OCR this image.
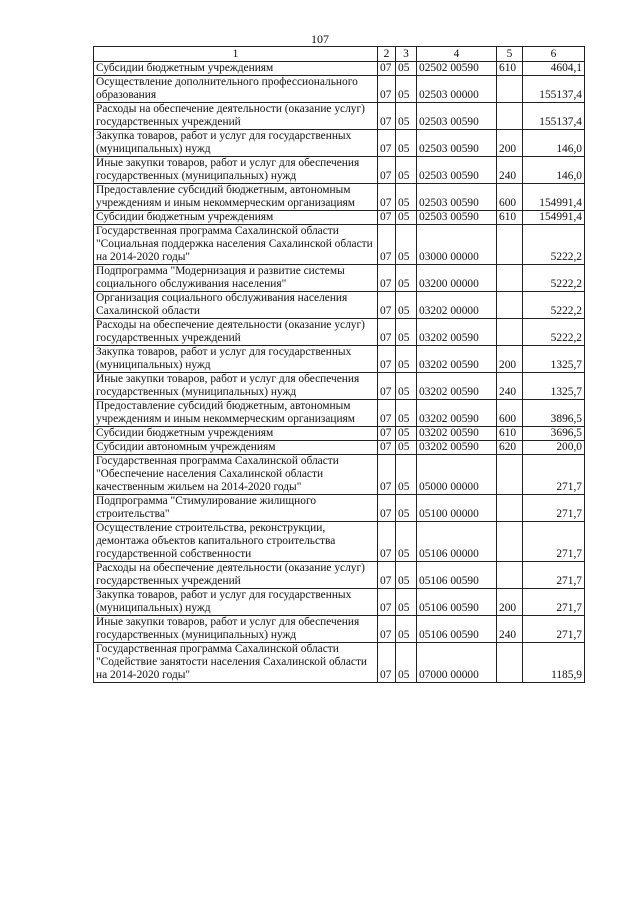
107
1	2	3	4	5	6
Субсидии бюджетным учреждениям	07	05	02502 00590	610	4604,1
Осуществление дополнительного профессионального образования	07	05	02503 00000		155137,4
Расходы на обеспечение деятельности (оказание услуг) государственных учреждений	07	05	02503 00590		155137,4
Закупка товаров, работ и услуг для государственных (муниципальных) нужд	07	05	02503 00590	200	146,0
Иные закупки товаров, работ и услуг для обеспечения государственных (муниципальных) нужд	07	05	02503 00590	240	146,0
Предоставление субсидий бюджетным, автономным учреждениям и иным некоммерческим организациям	07	05	02503 00590	600	154991,4
Субсидии бюджетным учреждениям	07	05	02503 00590	610	154991,4
Государственная программа Сахалинской области "Социальная поддержка населения Сахалинской области на 2014-2020 годы"	07	05	03000 00000		5222,2
Подпрограмма "Модернизация и развитие системы социального обслуживания населения"	07	05	03200 00000		5222,2
Организация социального обслуживания населения Сахалинской области	07	05	03202 00000		5222,2
Расходы на обеспечение деятельности (оказание услуг) государственных учреждений	07	05	03202 00590		5222,2
Закупка товаров, работ и услуг для государственных (муниципальных) нужд	07	05	03202 00590	200	1325,7
Иные закупки товаров, работ и услуг для обеспечения государственных (муниципальных) нужд	07	05	03202 00590	240	1325,7
Предоставление субсидий бюджетным, автономным учреждениям и иным некоммерческим организациям	07	05	03202 00590	600	3896,5
Субсидии бюджетным учреждениям	07	05	03202 00590	610	3696,5
Субсидии автономным учреждениям	07	05	03202 00590	620	200,0
Государственная программа Сахалинской области "Обеспечение населения Сахалинской области качественным жильем на 2014-2020 годы"	07	05	05000 00000		271,7
Подпрограмма "Стимулирование жилищного строительства"	07	05	05100 00000		271,7
Осуществление строительства, реконструкции, демонтажа объектов капитального строительства государственной собственности	07	05	05106 00000		271,7
Расходы на обеспечение деятельности (оказание услуг) государственных учреждений	07	05	05106 00590		271,7
Закупка товаров, работ и услуг для государственных (муниципальных) нужд	07	05	05106 00590	200	271,7
Иные закупки товаров, работ и услуг для обеспечения государственных (муниципальных) нужд	07	05	05106 00590	240	271,7
Государственная программа Сахалинской области "Содействие занятости населения Сахалинской области на 2014-2020 годы"	07	05	07000 00000		1185,9
